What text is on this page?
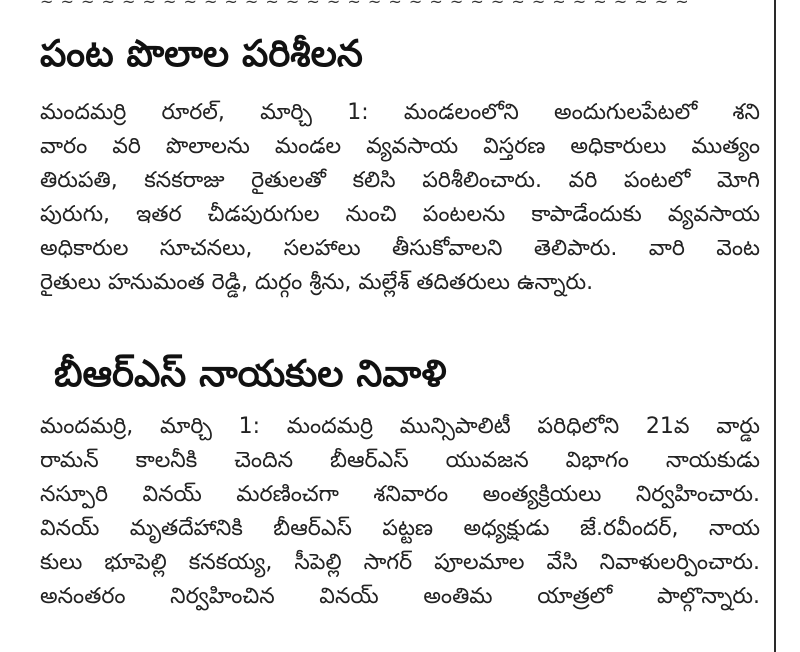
పంట పొలాల పరిశీలన
మందమర్రి రూరల్, మార్చి 1: మండలంలోని అందుగులపేటలో శని
వారం వరి పొలాలను మండల వ్యవసాయ విస్తరణ అధికారులు ముత్యం
తిరుపతి, కనకరాజు రైతులతో కలిసి పరిశీలించారు. వరి పంటలో మోగి
పురుగు, ఇతర చీడపురుగుల నుంచి పంటలను కాపాడేందుకు వ్యవసాయ
అధికారుల సూచనలు, సలహాలు తీసుకోవాలని తెలిపారు. వారి వెంట
రైతులు హనుమంత రెడ్డి, దుర్గం శ్రీను, మల్లేశ్ తదితరులు ఉన్నారు.
బీఆర్ఎస్ నాయకుల నివాళి
మందమర్రి, మార్చి 1: మందమర్రి మున్సిపాలిటీ పరిధిలోని 21వ వార్డు
రామన్ కాలనీకి చెందిన బీఆర్ఎస్ యువజన విభాగం నాయకుడు
నస్పూరి వినయ్ మరణించగా శనివారం అంత్యక్రియలు నిర్వహించారు.
వినయ్ మృతదేహానికి బీఆర్ఎస్ పట్టణ అధ్యక్షుడు జే.రవీందర్, నాయ
కులు భూపెల్లి కనకయ్య, సీపెల్లి సాగర్ పూలమాల వేసి నివాళులర్పించారు.
అనంతరం నిర్వహించిన వినయ్ అంతిమ యాత్రలో పాల్గొన్నారు.
